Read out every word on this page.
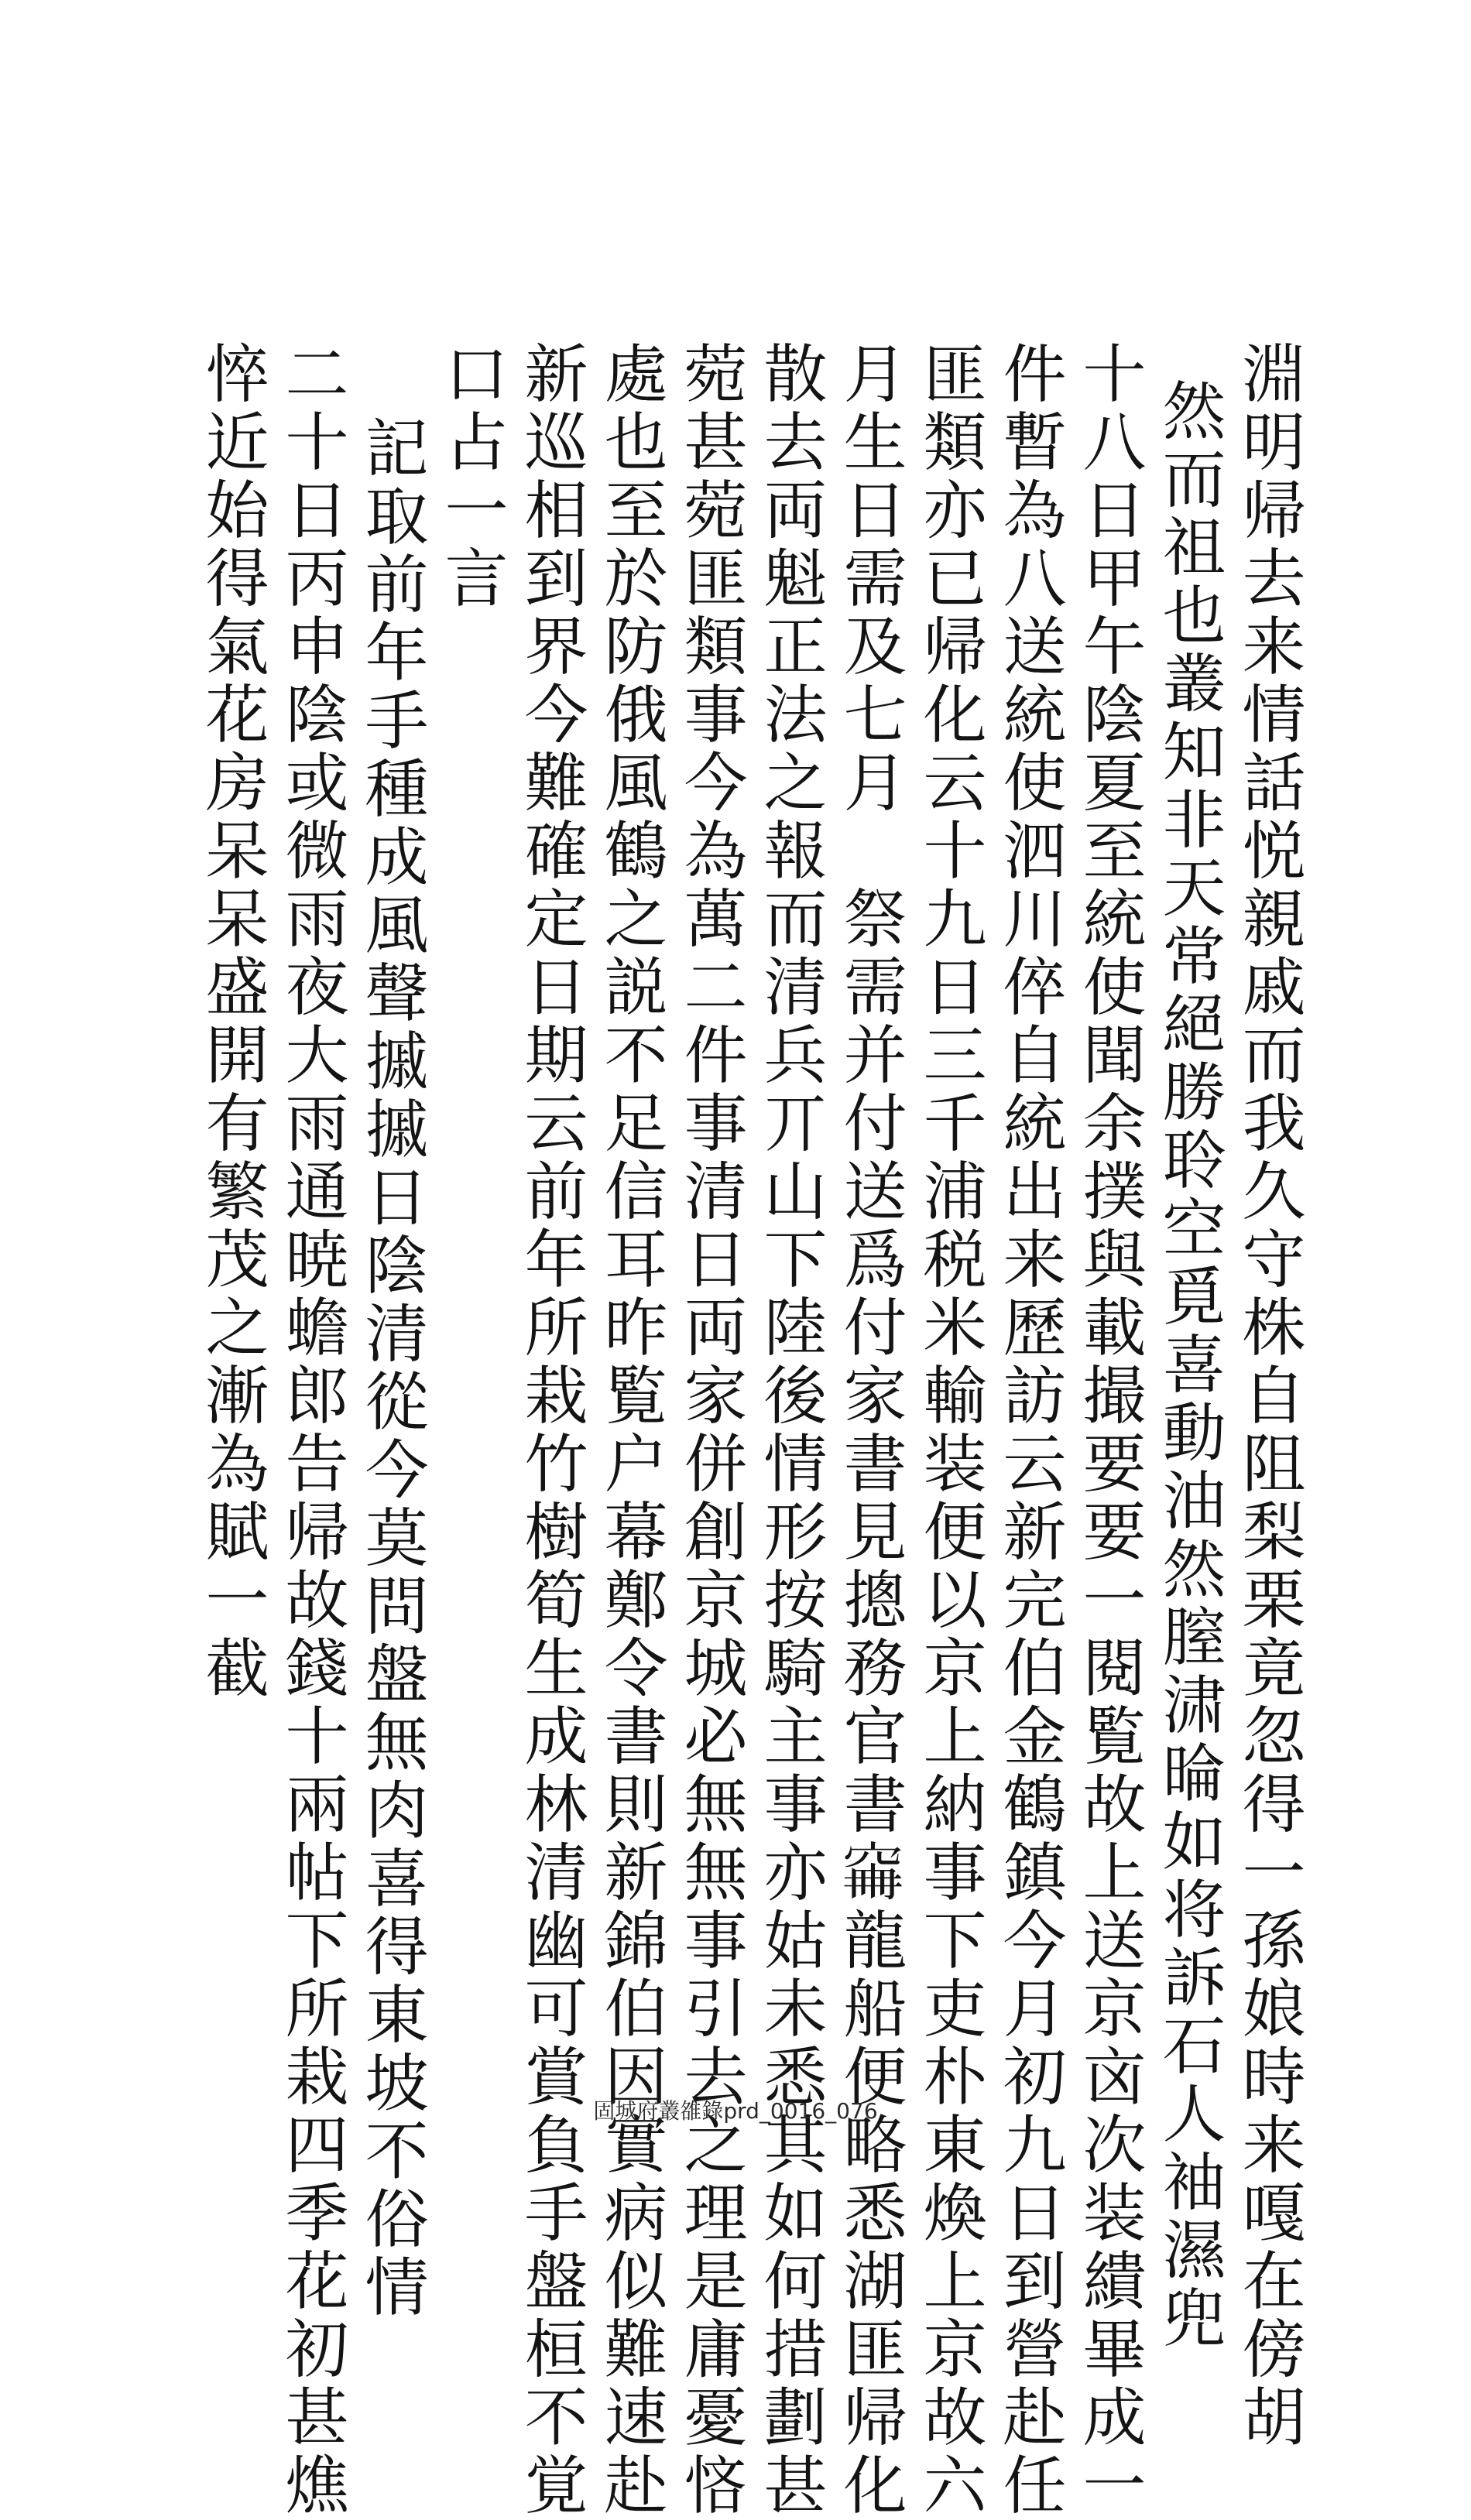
淵明帰去来情話悦親戚而我久守株自阻梨栗竟忽得一孫娘時来嘎在傍胡
然而祖也叢知非天常絕勝聆空覓喜動油然膣㴋㫻如将訴石人袖濕兜
十八日甲午陰夏至統使聞余撲與載撮要要一閱覧故上送京㐫次装繢畢成一
件暫為八送統使泗川倅自統出来歷訪云新完伯金鶴鎮今月初九日到營赴任
匪類亦已帰化云十九日三千浦税米輸装便以京上納事下吏朴東煥上京故六
月生日需及七月　祭需并付送爲付家書見摠務官書𥥼龍船便略悉湖匪帰化
散去両魁正法之報而清兵丌山下陸後情形按騎主事亦姑未悉其如何措劃甚
菀甚菀匪類事今為萬二件事清日両家併創京城必無無事引去之理是庸憂悋
處也至於防俄風鶴之説不足信耳昨覧户幕鄭令書則新錦伯因實病似難速赴
新巡相到界今難確定日期云前年所栽竹樹筍生成林清幽可賞負手盤桓不覚
口占一言
記取前年手種成風聲摵摵日陰清從今莫問盤無肉喜得東坡不俗情
二十日丙申陰或微雨夜大雨通暁蟾郎告帰故錢十兩帖下所栽四季花初甚燋
悴近始得氣花房呆呆盛開有繁茂之漸為賦一截
固城府叢𨿅錄prd_0016_076
